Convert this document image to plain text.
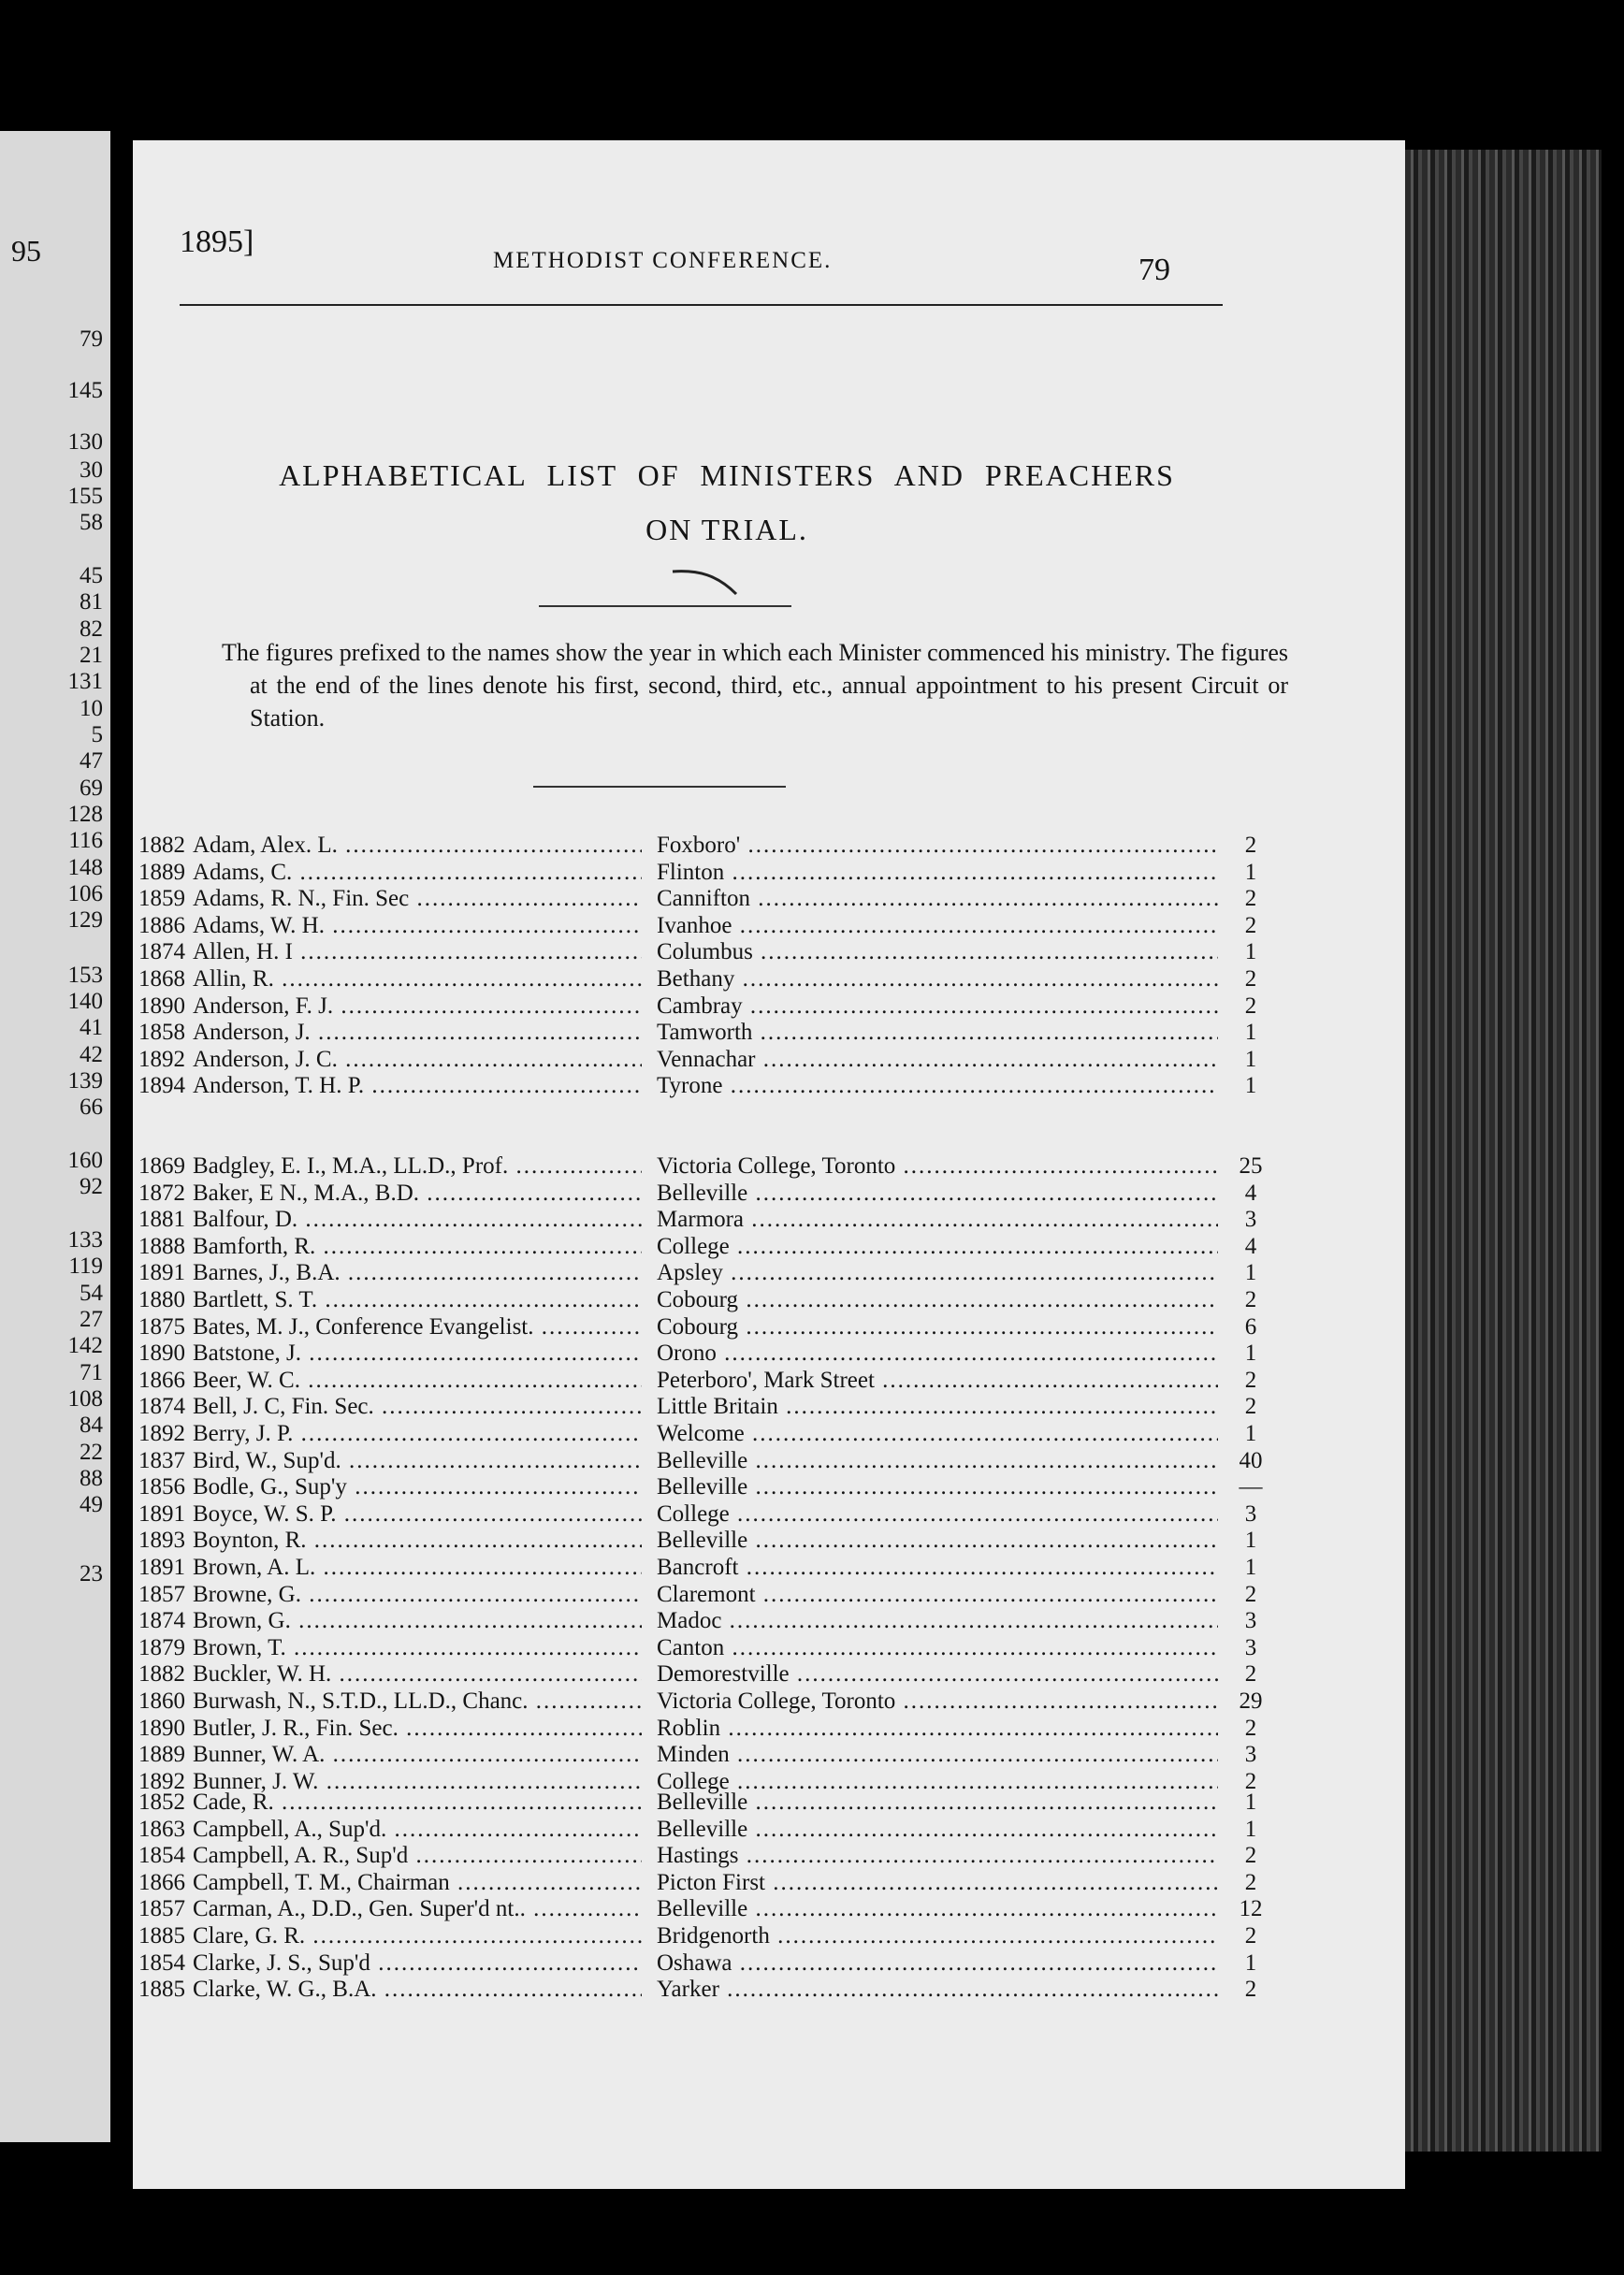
95
79
145
130
30
155
58
45
81
82
21
131
10
5
47
69
128
116
148
106
129
153
140
41
42
139
66
160
92
133
119
54
27
142
71
108
84
22
88
49
23
1895]
METHODIST CONFERENCE.	79
ALPHABETICAL LIST OF MINISTERS AND PREACHERS
ON TRIAL.
The figures prefixed to the names show the year in which each Minister commenced his ministry. The figures at the end of the lines denote his first, second, third, etc., annual appointment to his present Circuit or Station.
1882 Adam, Alex. L. .....	Foxboro' .....	2
1889 Adams, C. .....	Flinton .....	1
1859 Adams, R. N., Fin. Sec .....	Cannifton .....	2
1886 Adams, W. H. .....	Ivanhoe .....	2
1874 Allen, H. I .....	Columbus .....	1
1868 Allin, R. .....	Bethany .....	2
1890 Anderson, F. J. .....	Cambray .....	2
1858 Anderson, J. .....	Tamworth .....	1
1892 Anderson, J. C. .....	Vennachar .....	1
1894 Anderson, T. H. P. .....	Tyrone .....	1
1869 Badgley, E. I., M.A., LL.D., Prof. .....	Victoria College, Toronto .....	25
1872 Baker, E N., M.A., B.D. .....	Belleville .....	4
1881 Balfour, D. .....	Marmora .....	3
1888 Bamforth, R. .....	College .....	4
1891 Barnes, J., B.A. .....	Apsley .....	1
1880 Bartlett, S. T. .....	Cobourg .....	2
1875 Bates, M. J., Conference Evangelist. .....	Cobourg .....	6
1890 Batstone, J. .....	Orono .....	1
1866 Beer, W. C. .....	Peterboro', Mark Street .....	2
1874 Bell, J. C, Fin. Sec. .....	Little Britain .....	2
1892 Berry, J. P. .....	Welcome .....	1
1837 Bird, W., Sup'd. .....	Belleville .....	40
1856 Bodle, G., Sup'y .....	Belleville .....	—
1891 Boyce, W. S. P. .....	College .....	3
1893 Boynton, R. .....	Belleville .....	1
1891 Brown, A. L. .....	Bancroft .....	1
1857 Browne, G. .....	Claremont .....	2
1874 Brown, G. .....	Madoc .....	3
1879 Brown, T. .....	Canton .....	3
1882 Buckler, W. H. .....	Demorestville .....	2
1860 Burwash, N., S.T.D., LL.D., Chanc. .....	Victoria College, Toronto .....	29
1890 Butler, J. R., Fin. Sec. .....	Roblin .....	2
1889 Bunner, W. A. .....	Minden .....	3
1892 Bunner, J. W. .....	College .....	2
1852 Cade, R. .....	Belleville .....	1
1863 Campbell, A., Sup'd. .....	Belleville .....	1
1854 Campbell, A. R., Sup'd .....	Hastings .....	2
1866 Campbell, T. M., Chairman .....	Picton First .....	2
1857 Carman, A., D.D., Gen. Super'd nt.. .....	Belleville .....	12
1885 Clare, G. R. .....	Bridgenorth .....	2
1854 Clarke, J. S., Sup'd .....	Oshawa .....	1
1885 Clarke, W. G., B.A. .....	Yarker .....	2
